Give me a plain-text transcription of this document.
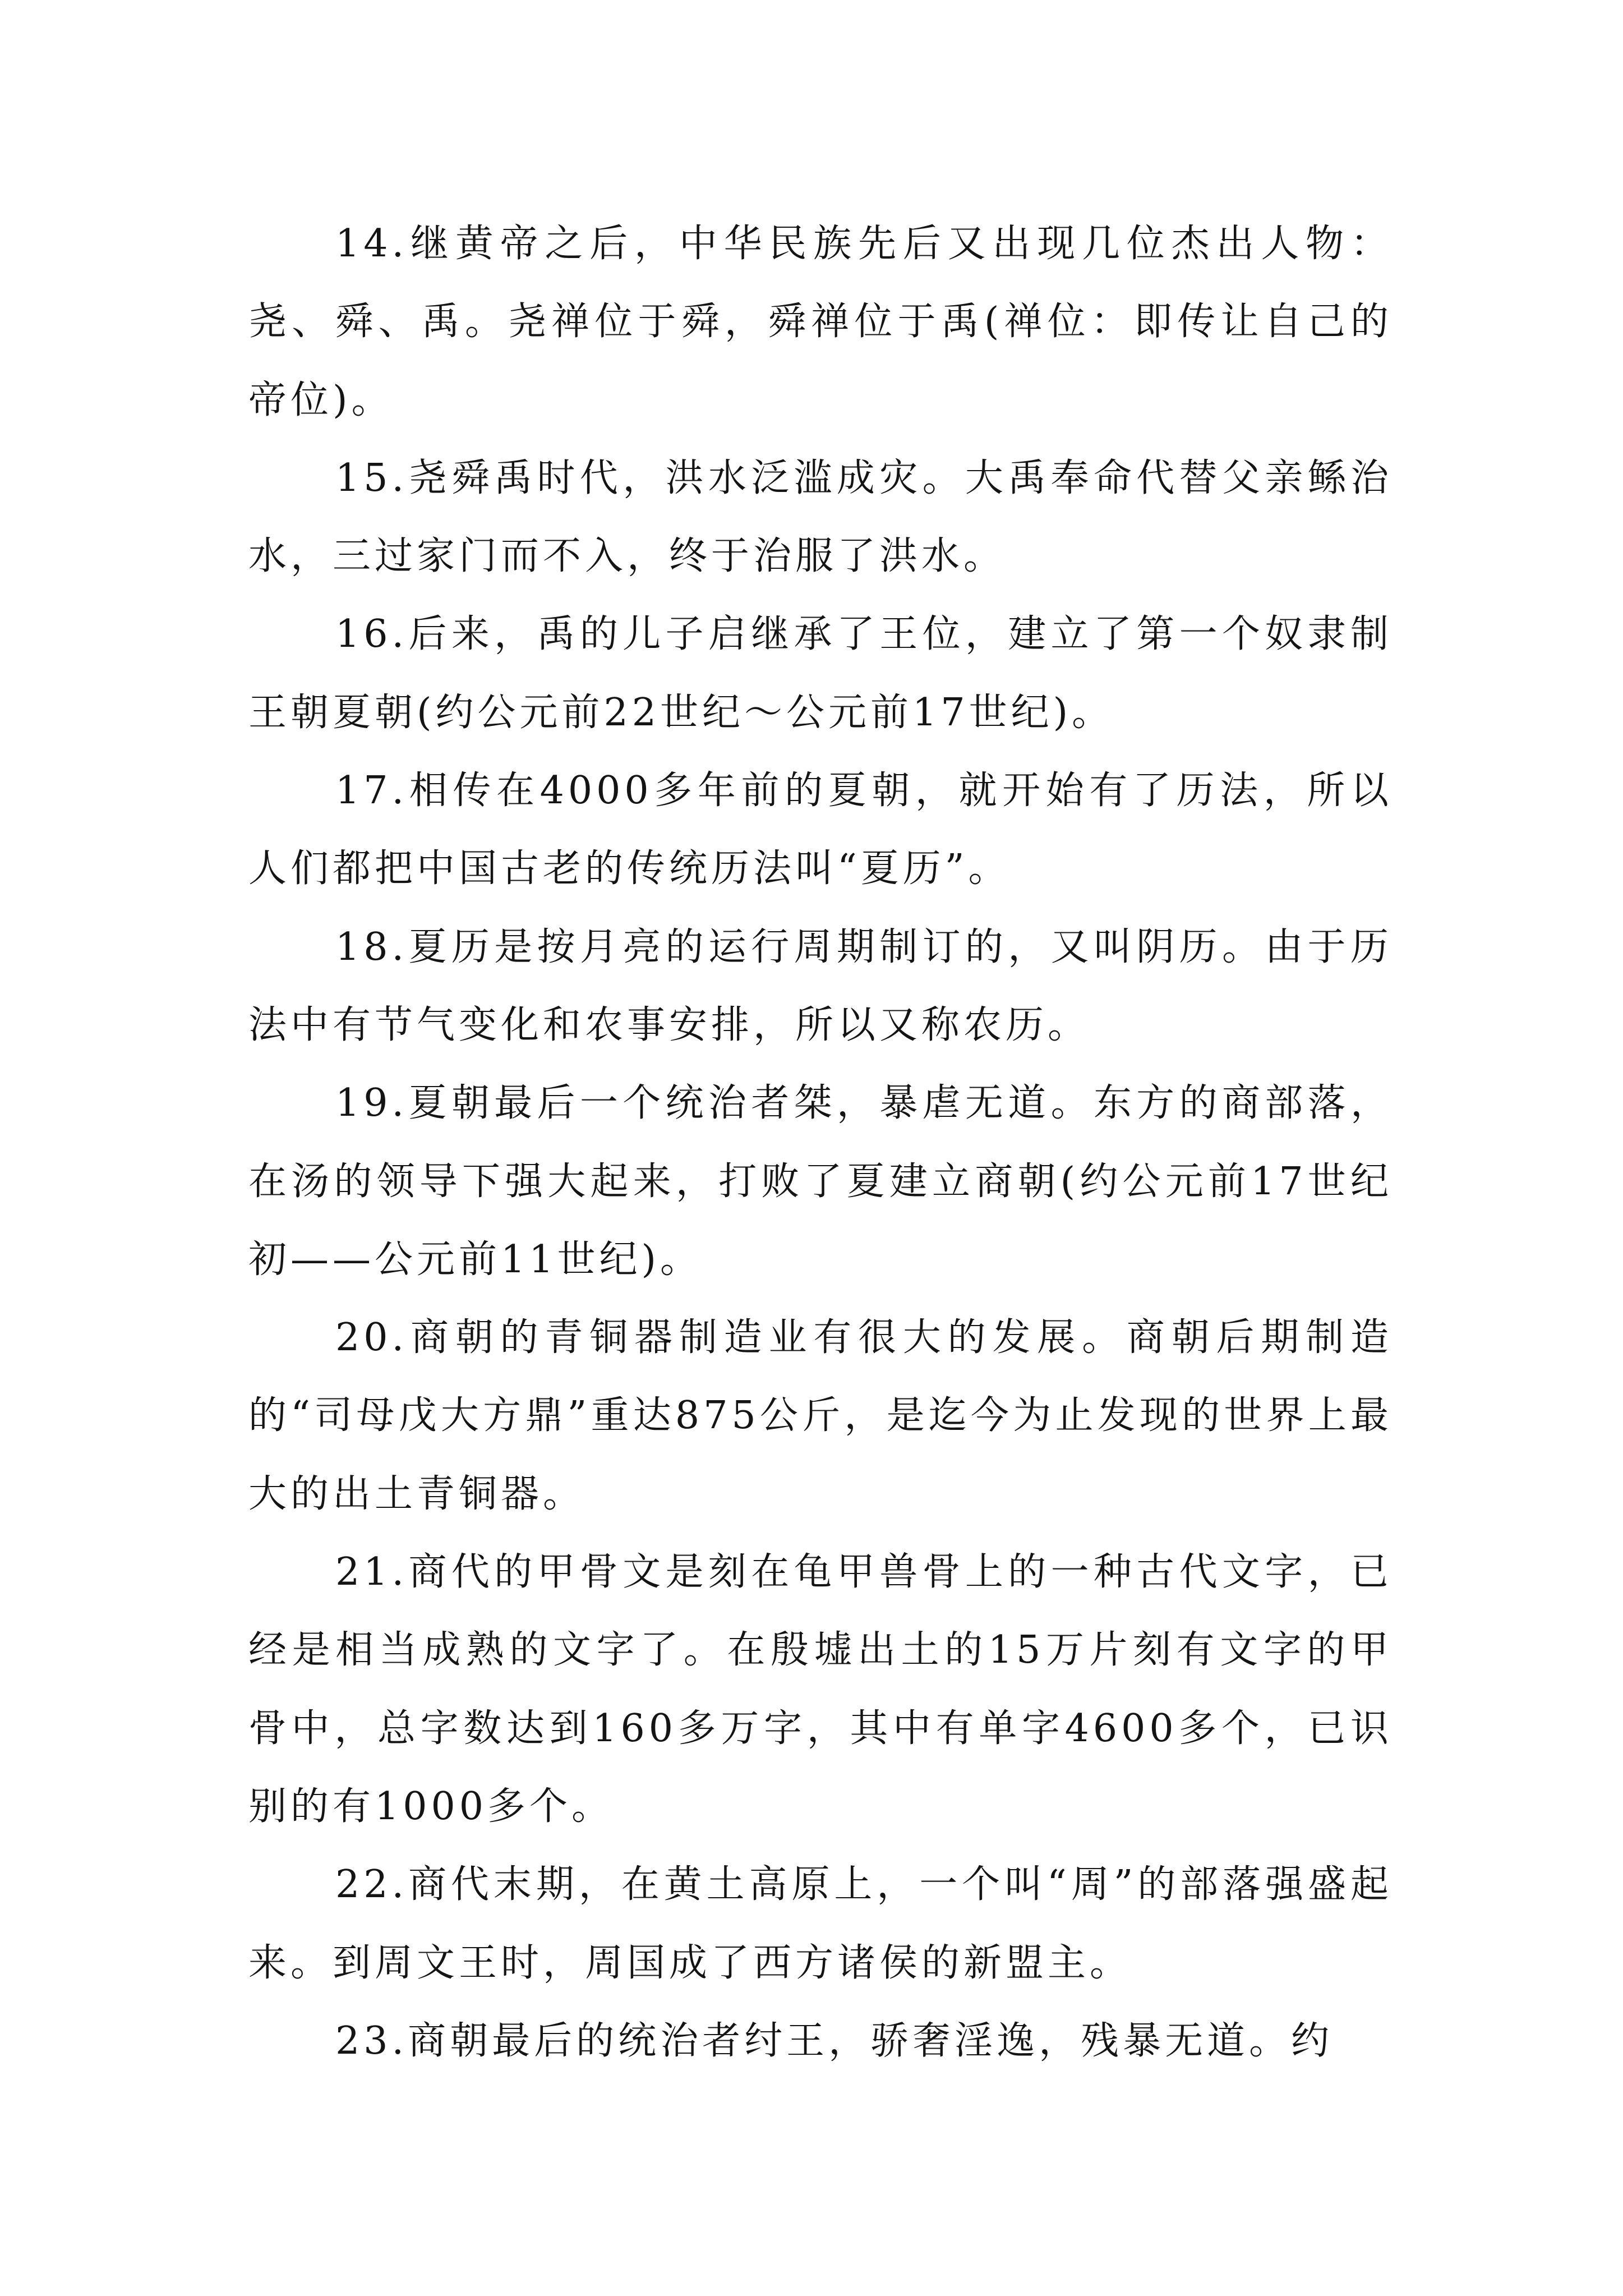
14.继黄帝之后，中华民族先后又出现几位杰出人物：尧、舜、禹。尧禅位于舜，舜禅位于禹(禅位：即传让自己的帝位)。

15.尧舜禹时代，洪水泛滥成灾。大禹奉命代替父亲鲧治水，三过家门而不入，终于治服了洪水。

16.后来，禹的儿子启继承了王位，建立了第一个奴隶制王朝夏朝(约公元前22世纪～公元前17世纪)。

17.相传在4000多年前的夏朝，就开始有了历法，所以人们都把中国古老的传统历法叫“夏历”。

18.夏历是按月亮的运行周期制订的，又叫阴历。由于历法中有节气变化和农事安排，所以又称农历。

19.夏朝最后一个统治者桀，暴虐无道。东方的商部落，在汤的领导下强大起来，打败了夏建立商朝(约公元前17世纪初——公元前11世纪)。

20.商朝的青铜器制造业有很大的发展。商朝后期制造的“司母戊大方鼎”重达875公斤，是迄今为止发现的世界上最大的出土青铜器。

21.商代的甲骨文是刻在龟甲兽骨上的一种古代文字，已经是相当成熟的文字了。在殷墟出土的15万片刻有文字的甲骨中，总字数达到160多万字，其中有单字4600多个，已识别的有1000多个。

22.商代末期，在黄土高原上，一个叫“周”的部落强盛起来。到周文王时，周国成了西方诸侯的新盟主。

23.商朝最后的统治者纣王，骄奢淫逸，残暴无道。约
